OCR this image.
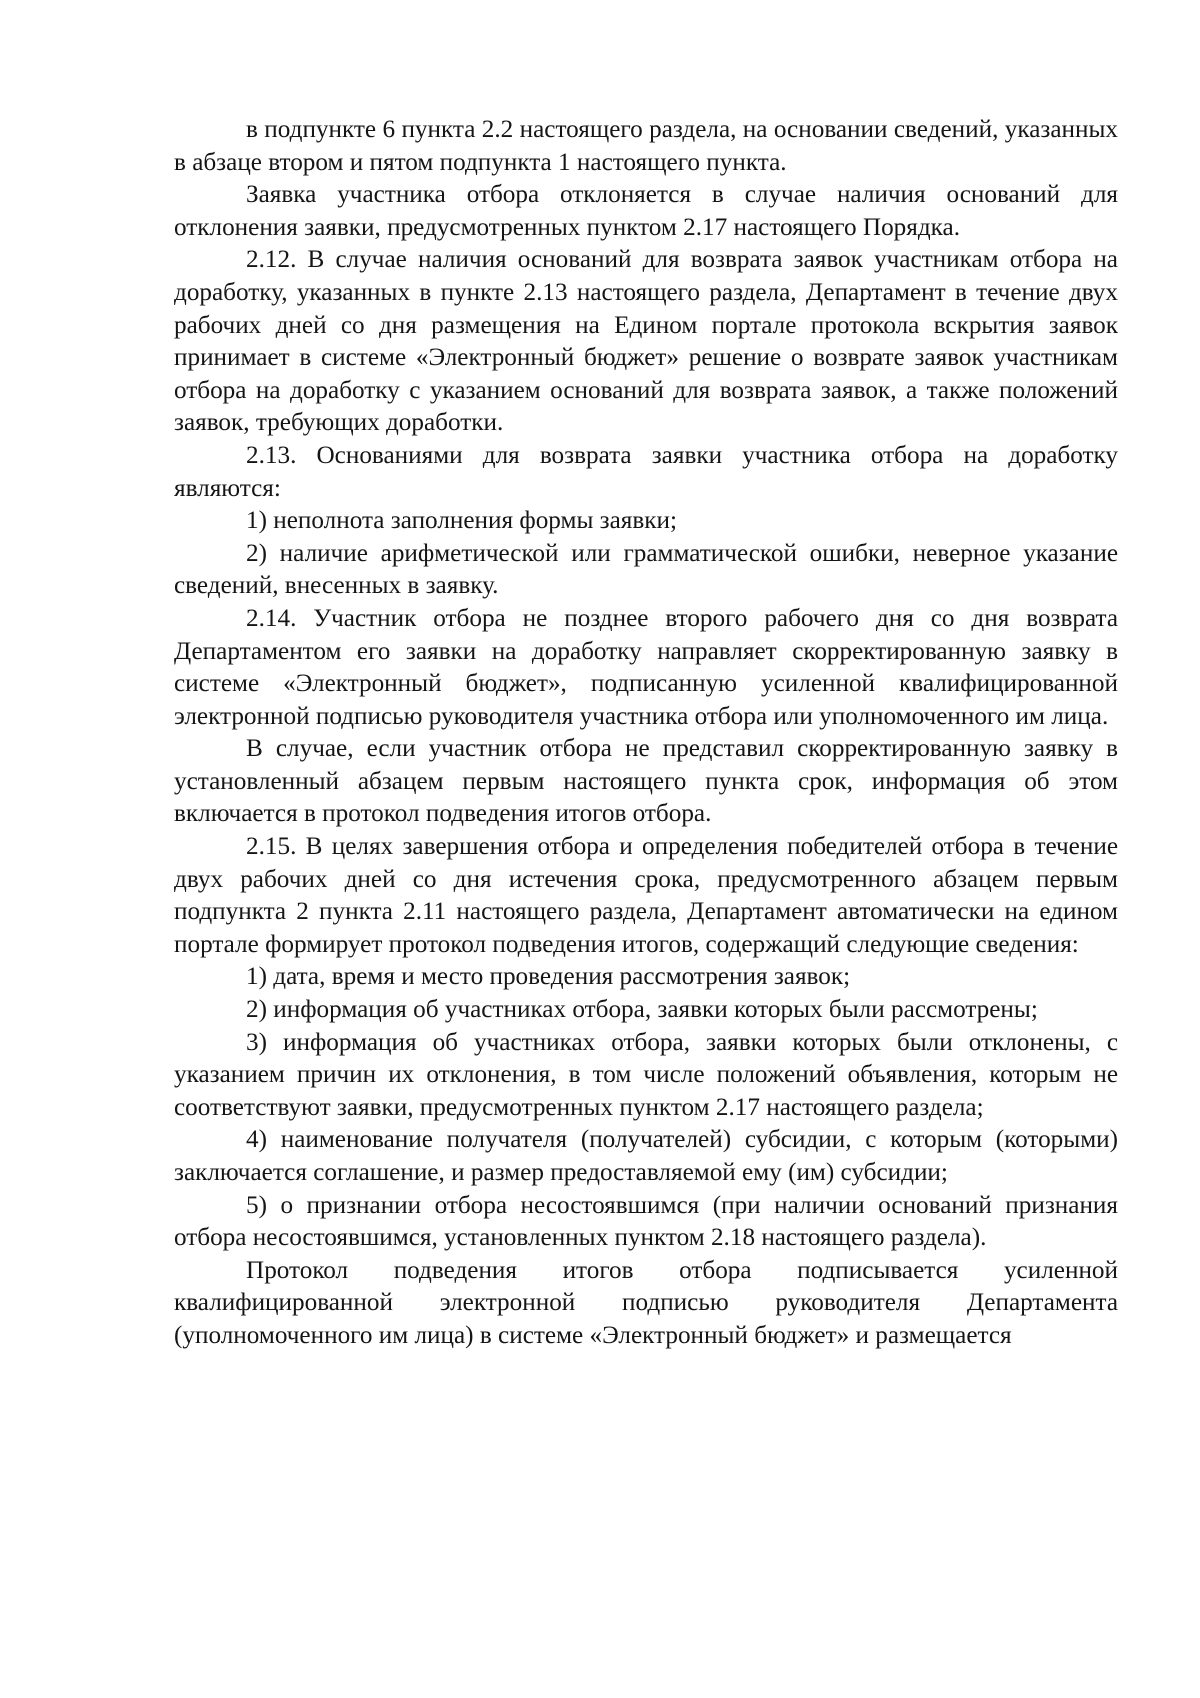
в подпункте 6 пункта 2.2 настоящего раздела, на основании сведений, указанных в абзаце втором и пятом подпункта 1 настоящего пункта.

Заявка участника отбора отклоняется в случае наличия оснований для отклонения заявки, предусмотренных пунктом 2.17 настоящего Порядка.

2.12. В случае наличия оснований для возврата заявок участникам отбора на доработку, указанных в пункте 2.13 настоящего раздела, Департамент в течение двух рабочих дней со дня размещения на Едином портале протокола вскрытия заявок принимает в системе «Электронный бюджет» решение о возврате заявок участникам отбора на доработку с указанием оснований для возврата заявок, а также положений заявок, требующих доработки.

2.13. Основаниями для возврата заявки участника отбора на доработку являются:

1) неполнота заполнения формы заявки;

2) наличие арифметической или грамматической ошибки, неверное указание сведений, внесенных в заявку.

2.14. Участник отбора не позднее второго рабочего дня со дня возврата Департаментом его заявки на доработку направляет скорректированную заявку в системе «Электронный бюджет», подписанную усиленной квалифицированной электронной подписью руководителя участника отбора или уполномоченного им лица.

В случае, если участник отбора не представил скорректированную заявку в установленный абзацем первым настоящего пункта срок, информация об этом включается в протокол подведения итогов отбора.

2.15. В целях завершения отбора и определения победителей отбора в течение двух рабочих дней со дня истечения срока, предусмотренного абзацем первым подпункта 2 пункта 2.11 настоящего раздела, Департамент автоматически на едином портале формирует протокол подведения итогов, содержащий следующие сведения:

1) дата, время и место проведения рассмотрения заявок;

2) информация об участниках отбора, заявки которых были рассмотрены;

3) информация об участниках отбора, заявки которых были отклонены, с указанием причин их отклонения, в том числе положений объявления, которым не соответствуют заявки, предусмотренных пунктом 2.17 настоящего раздела;

4) наименование получателя (получателей) субсидии, с которым (которыми) заключается соглашение, и размер предоставляемой ему (им) субсидии;

5) о признании отбора несостоявшимся (при наличии оснований признания отбора несостоявшимся, установленных пунктом 2.18 настоящего раздела).

Протокол подведения итогов отбора подписывается усиленной квалифицированной электронной подписью руководителя Департамента (уполномоченного им лица) в системе «Электронный бюджет» и размещается
